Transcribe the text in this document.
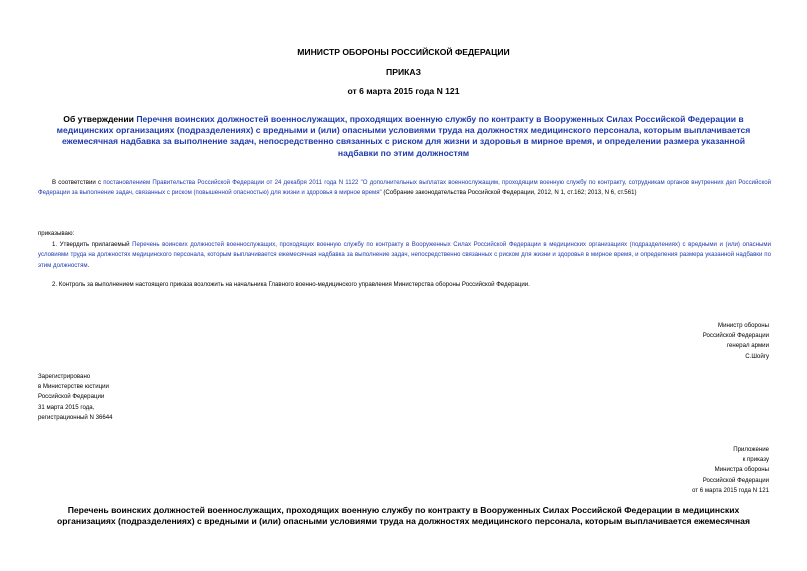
МИНИСТР ОБОРОНЫ РОССИЙСКОЙ ФЕДЕРАЦИИ
ПРИКАЗ
от 6 марта 2015 года N 121
Об утверждении Перечня воинских должностей военнослужащих, проходящих военную службу по контракту в Вооруженных Силах Российской Федерации в медицинских организациях (подразделениях) с вредными и (или) опасными условиями труда на должностях медицинского персонала, которым выплачивается ежемесячная надбавка за выполнение задач, непосредственно связанных с риском для жизни и здоровья в мирное время, и определении размера указанной надбавки по этим должностям
В соответствии с постановлением Правительства Российской Федерации от 24 декабря 2011 года N 1122 "О дополнительных выплатах военнослужащим, проходящим военную службу по контракту, сотрудникам органов внутренних дел Российской Федерации за выполнение задач, связанных с риском (повышенной опасностью) для жизни и здоровья в мирное время" (Собрание законодательства Российской Федерации, 2012, N 1, ст.162; 2013, N 6, ст.561)
приказываю:
1. Утвердить прилагаемый Перечень воинских должностей военнослужащих, проходящих военную службу по контракту в Вооруженных Силах Российской Федерации в медицинских организациях (подразделениях) с вредными и (или) опасными условиями труда на должностях медицинского персонала, которым выплачивается ежемесячная надбавка за выполнение задач, непосредственно связанных с риском для жизни и здоровья в мирное время, и определения размера указанной надбавки по этим должностям.
2. Контроль за выполнением настоящего приказа возложить на начальника Главного военно-медицинского управления Министерства обороны Российской Федерации.
Министр обороны
Российской Федерации
генерал армии
С.Шойгу
Зарегистрировано
в Министерстве юстиции
Российской Федерации
31 марта 2015 года,
регистрационный N 36644
Приложение
к приказу
Министра обороны
Российской Федерации
от 6 марта 2015 года N 121
Перечень воинских должностей военнослужащих, проходящих военную службу по контракту в Вооруженных Силах Российской Федерации в медицинских организациях (подразделениях) с вредными и (или) опасными условиями труда на должностях медицинского персонала, которым выплачивается ежемесячная
